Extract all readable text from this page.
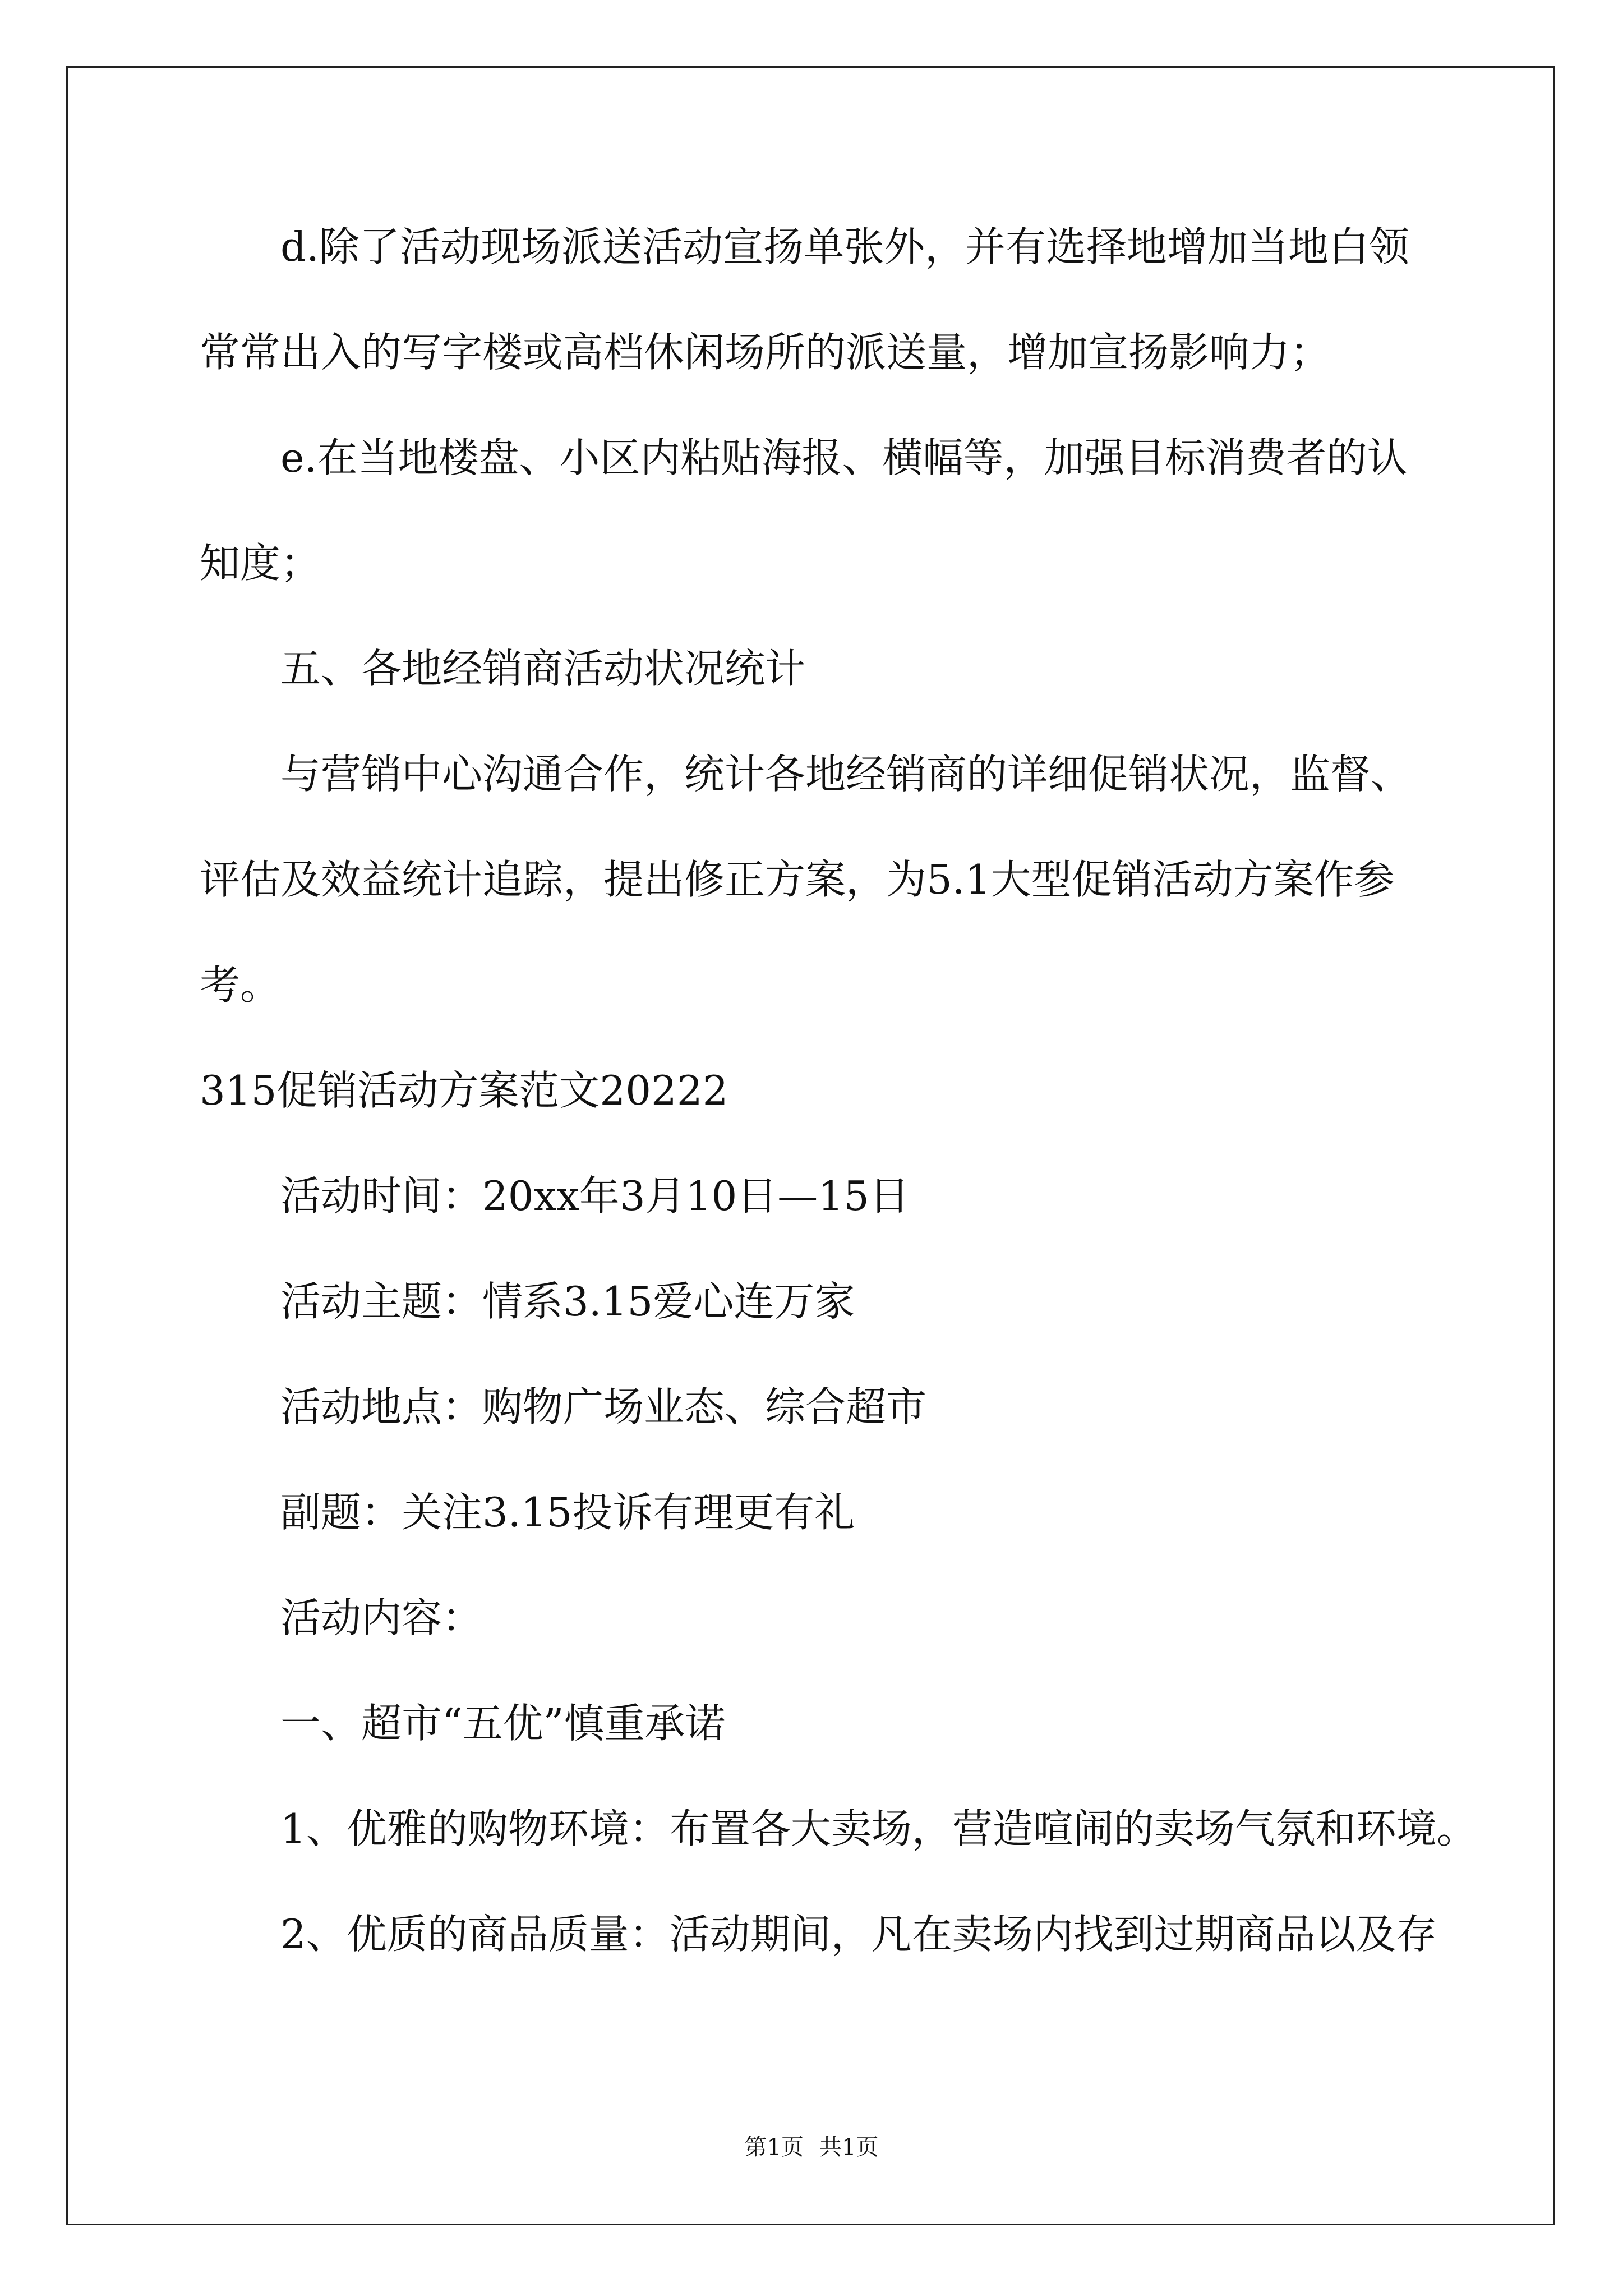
d.除了活动现场派送活动宣扬单张外，并有选择地增加当地白领
常常出入的写字楼或高档休闲场所的派送量，增加宣扬影响力；
e.在当地楼盘、小区内粘贴海报、横幅等，加强目标消费者的认
知度；
五、各地经销商活动状况统计
与营销中心沟通合作，统计各地经销商的详细促销状况，监督、
评估及效益统计追踪，提出修正方案，为5.1大型促销活动方案作参
考。
315促销活动方案范文20222
活动时间：20xx年3月10日—15日
活动主题：情系3.15爱心连万家
活动地点：购物广场业态、综合超市
副题：关注3.15投诉有理更有礼
活动内容：
一、超市“五优”慎重承诺
1、优雅的购物环境：布置各大卖场，营造喧闹的卖场气氛和环境。
2、优质的商品质量：活动期间，凡在卖场内找到过期商品以及存
第1页 共1页
